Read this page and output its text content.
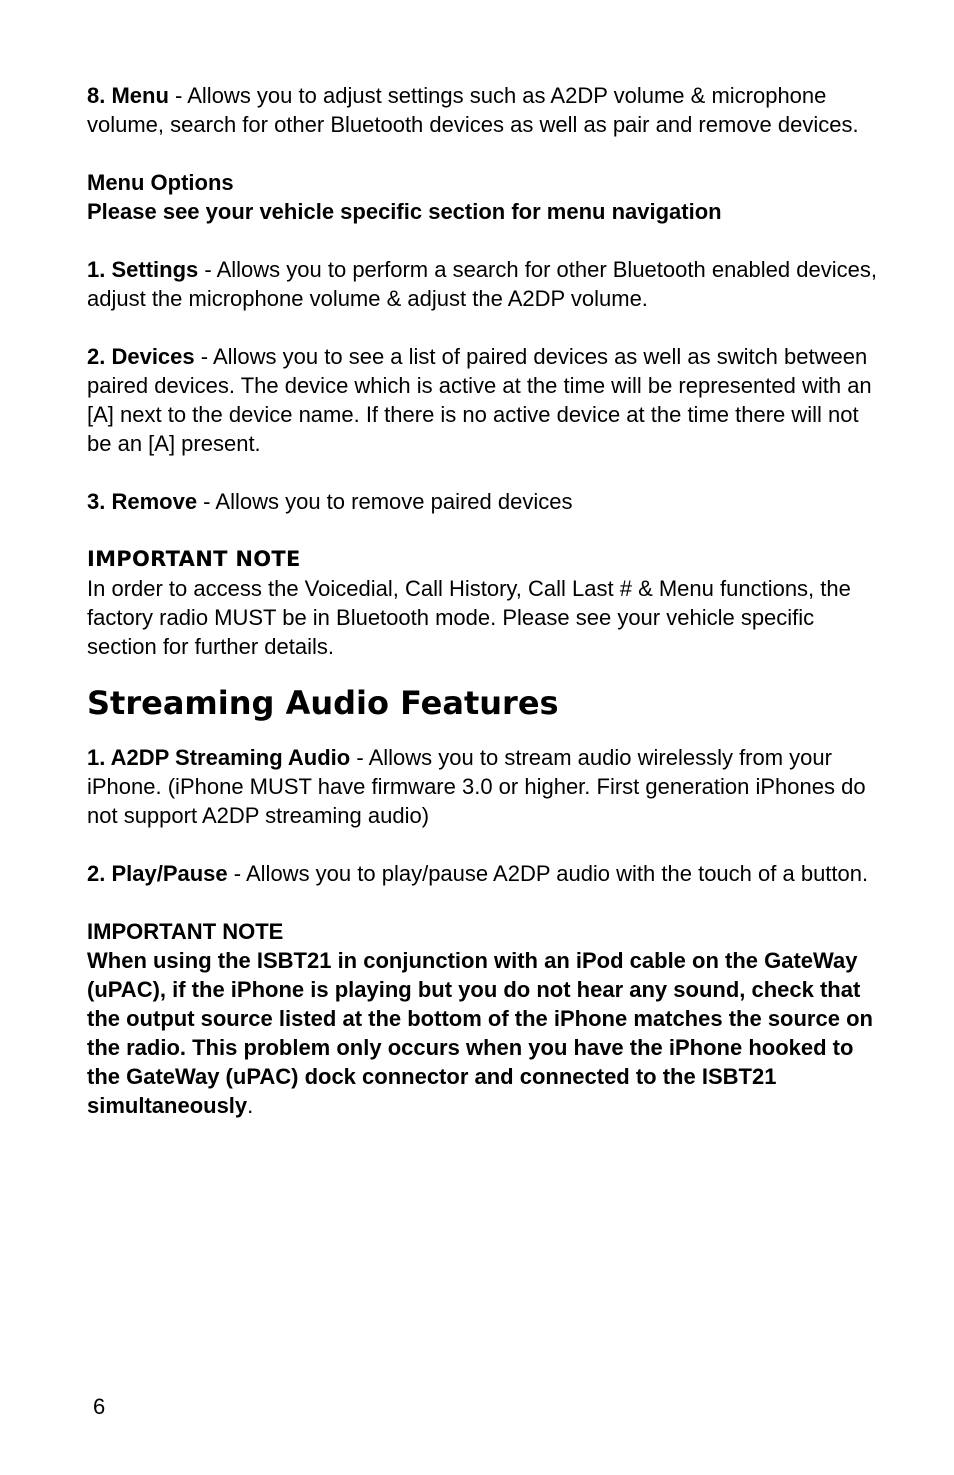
8. Menu - Allows you to adjust settings such as A2DP volume & microphone volume, search for other Bluetooth devices as well as pair and remove devices.

Menu Options

Please see your vehicle specific section for menu navigation

1. Settings - Allows you to perform a search for other Bluetooth enabled devices, adjust the microphone volume & adjust the A2DP volume.

2. Devices - Allows you to see a list of paired devices as well as switch between paired devices. The device which is active at the time will be represented with an [A] next to the device name. If there is no active device at the time there will not be an [A] present.

3. Remove - Allows you to remove paired devices

IMPORTANT NOTE

In order to access the Voicedial, Call History, Call Last # & Menu functions, the factory radio MUST be in Bluetooth mode. Please see your vehicle specific section for further details.

Streaming Audio Features

1. A2DP Streaming Audio - Allows you to stream audio wirelessly from your iPhone. (iPhone MUST have firmware 3.0 or higher. First generation iPhones do not support A2DP streaming audio)

2. Play/Pause - Allows you to play/pause A2DP audio with the touch of a button.

IMPORTANT NOTE

When using the ISBT21 in conjunction with an iPod cable on the GateWay (uPAC), if the iPhone is playing but you do not hear any sound, check that the output source listed at the bottom of the iPhone matches the source on the radio. This problem only occurs when you have the iPhone hooked to the GateWay (uPAC) dock connector and connected to the ISBT21 simultaneously.

6
